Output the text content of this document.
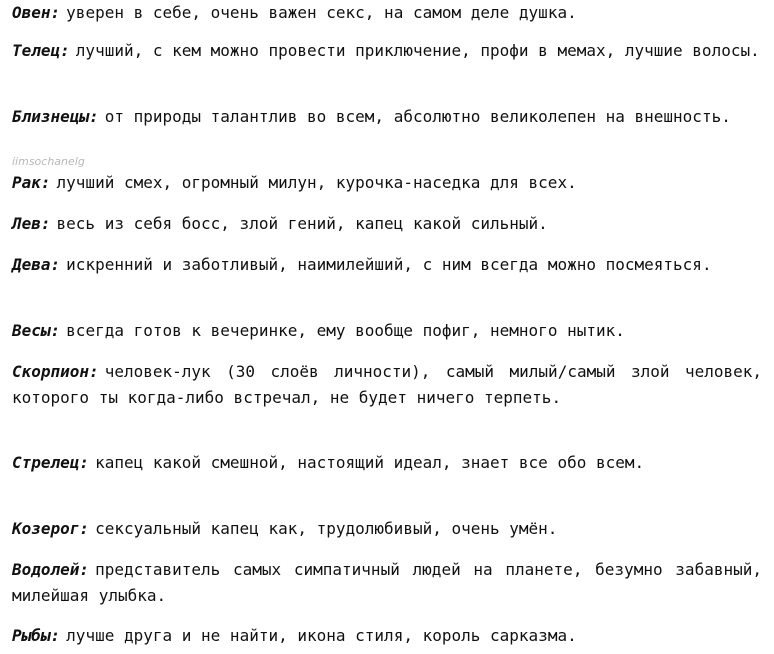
Овен: уверен в себе, очень важен секс, на самом деле душка.
Телец: лучший, с кем можно провести приключение, профи в мемах, лучшие волосы.
Близнецы: от природы талантлив во всем, абсолютно великолепен на внешность.
iimsochanelg
Рак: лучший смех, огромный милун, курочка-наседка для всех.
Лев: весь из себя босс, злой гений, капец какой сильный.
Дева: искренний и заботливый, наимилейший, с ним всегда можно посмеяться.
Весы: всегда готов к вечеринке, ему вообще пофиг, немного нытик.
Скорпион: человек-лук (30 слоёв личности), самый милый/самый злой человек, которого ты когда-либо встречал, не будет ничего терпеть.
Стрелец: капец какой смешной, настоящий идеал, знает все обо всем.
Козерог: сексуальный капец как, трудолюбивый, очень умён.
Водолей: представитель самых симпатичный людей на планете, безумно забавный, милейшая улыбка.
Рыбы: лучше друга и не найти, икона стиля, король сарказма.
